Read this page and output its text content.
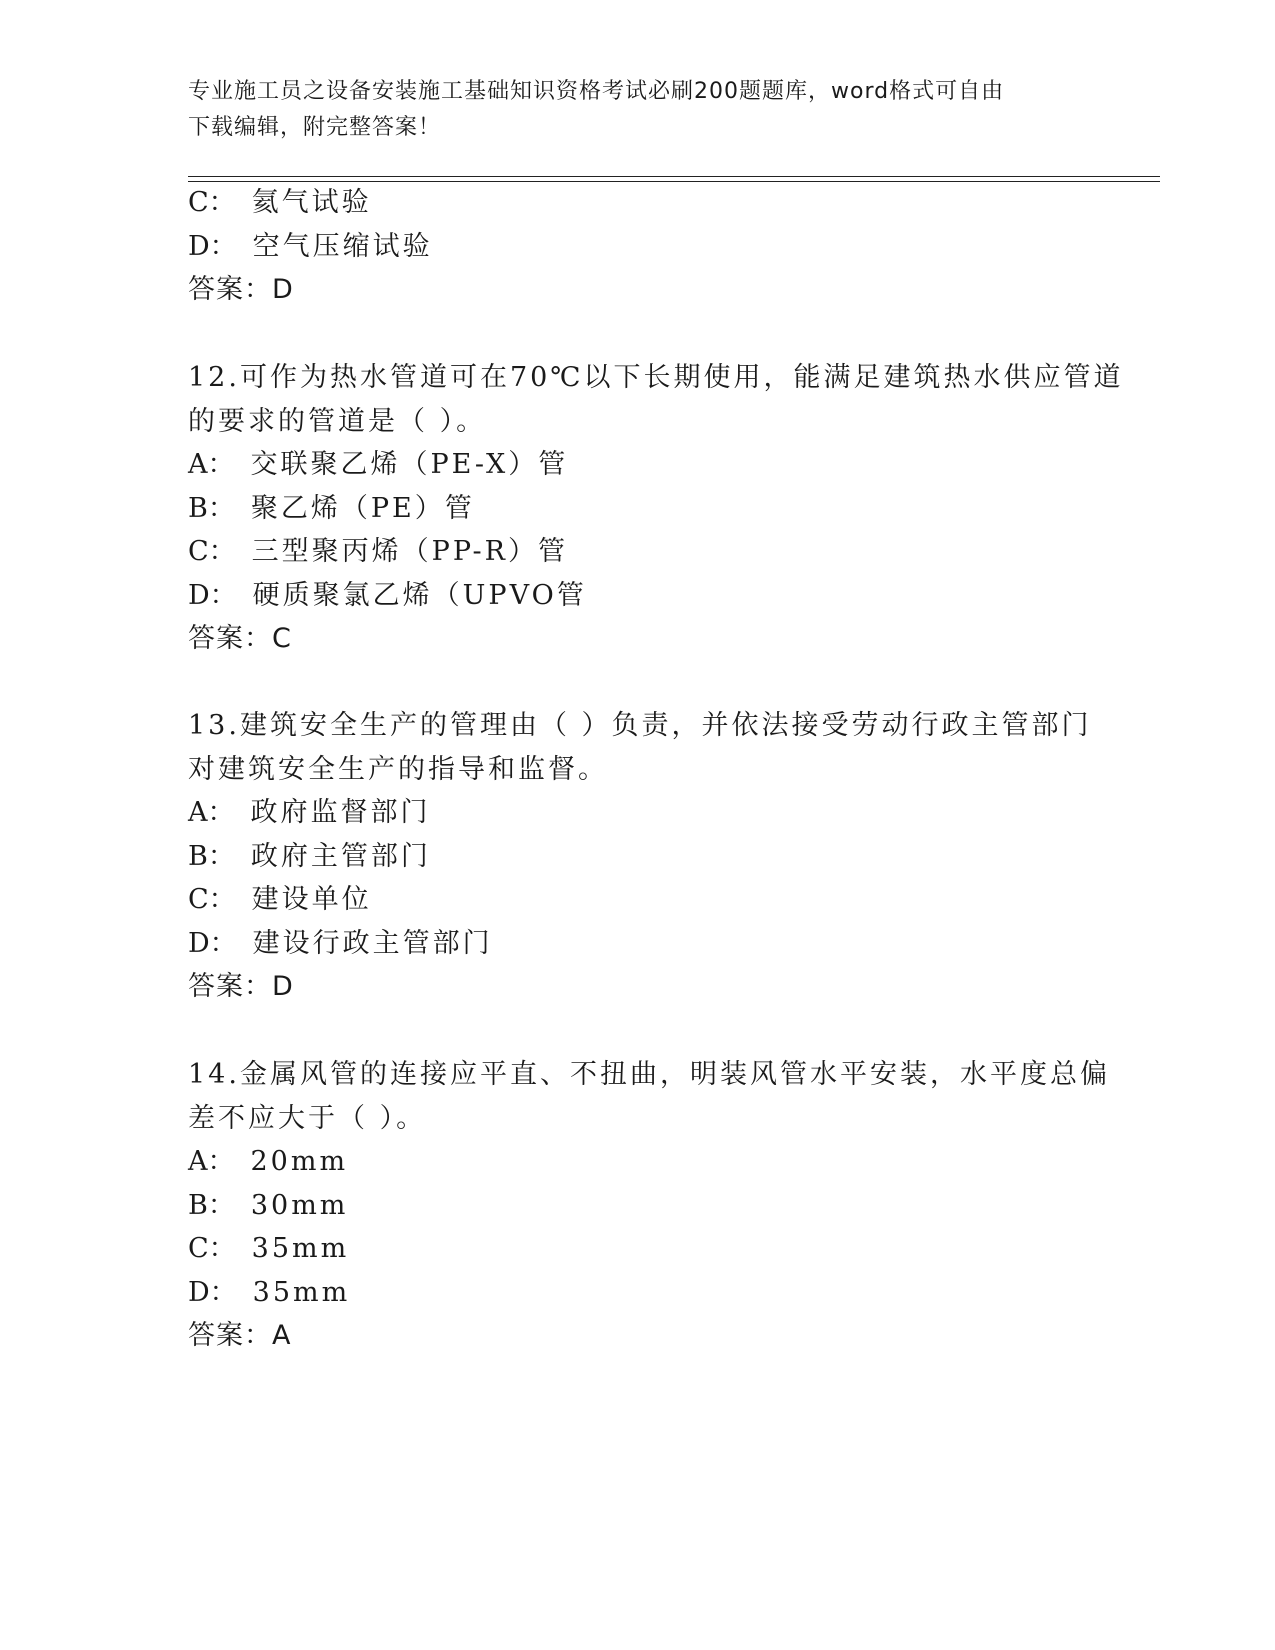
专业施工员之设备安装施工基础知识资格考试必刷200题题库，word格式可自由
下载编辑，附完整答案！
C： 氦气试验
D： 空气压缩试验
答案：D
12.可作为热水管道可在70℃以下长期使用，能满足建筑热水供应管道
的要求的管道是（ ）。
A： 交联聚乙烯（PE-X）管
B： 聚乙烯（PE）管
C： 三型聚丙烯（PP-R）管
D： 硬质聚氯乙烯（UPVO管
答案：C
13.建筑安全生产的管理由（ ）负责，并依法接受劳动行政主管部门
对建筑安全生产的指导和监督。
A： 政府监督部门
B： 政府主管部门
C： 建设单位
D： 建设行政主管部门
答案：D
14.金属风管的连接应平直、不扭曲，明装风管水平安装，水平度总偏
差不应大于（ ）。
A： 20mm
B： 30mm
C： 35mm
D： 35mm
答案：A
